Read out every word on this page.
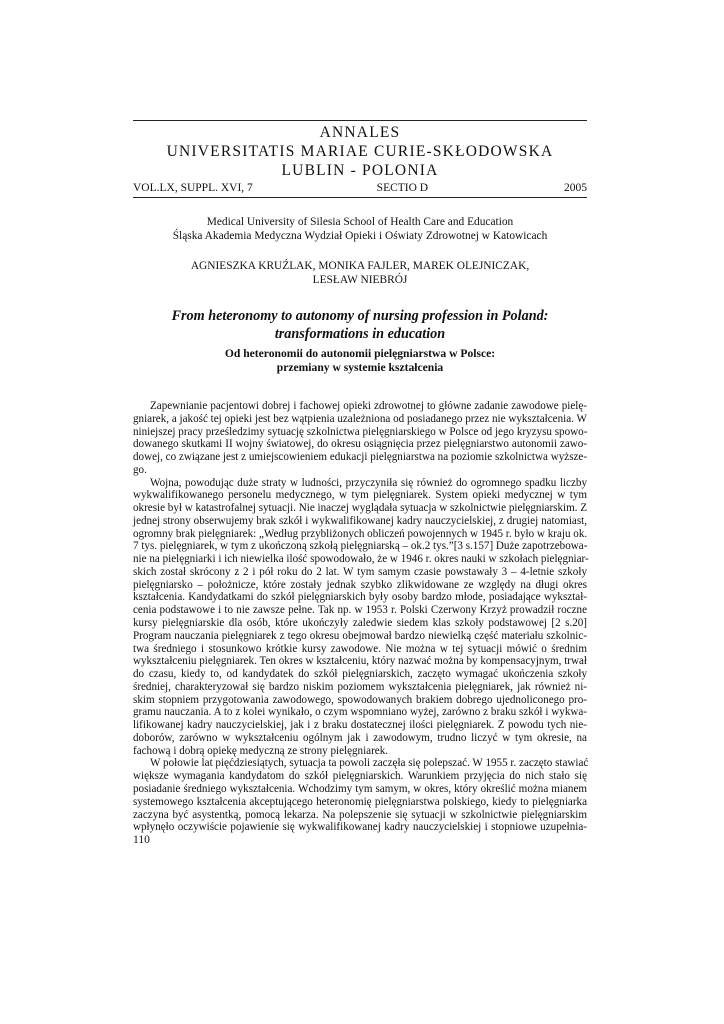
ANNALES
UNIVERSITATIS MARIAE CURIE-SKŁODOWSKA
LUBLIN - POLONIA
VOL.LX, SUPPL. XVI, 7	SECTIO D	2005
Medical University of Silesia School of Health Care and Education
Śląska Akademia Medyczna Wydział Opieki i Oświaty Zdrowotnej w Katowicach
AGNIESZKA KRUŹLAK, MONIKA FAJLER, MAREK OLEJNICZAK,
LESŁAW NIEBRÓJ
From heteronomy to autonomy of nursing profession in Poland:
transformations in education
Od heteronomii do autonomii pielęgniarstwa w Polsce:
przemiany w systemie kształcenia
Zapewnianie pacjentowi dobrej i fachowej opieki zdrowotnej to główne zadanie zawodowe pielę-
gniarek, a jakość tej opieki jest bez wątpienia uzależniona od posiadanego przez nie wykształcenia. W
niniejszej pracy prześledzimy sytuację szkolnictwa pielęgniarskiego w Polsce od jego kryzysu spowo-
dowanego skutkami II wojny światowej, do okresu osiągnięcia przez pielęgniarstwo autonomii zawo-
dowej, co związane jest z umiejscowieniem edukacji pielęgniarstwa na poziomie szkolnictwa wyższe-
go.
Wojna, powodując duże straty w ludności, przyczyniła się również do ogromnego spadku liczby
wykwalifikowanego personelu medycznego, w tym pielęgniarek. System opieki medycznej w tym
okresie był w katastrofalnej sytuacji. Nie inaczej wyglądała sytuacja w szkolnictwie pielęgniarskim. Z
jednej strony obserwujemy brak szkół i wykwalifikowanej kadry nauczycielskiej, z drugiej natomiast,
ogromny brak pielęgniarek: „Według przybliżonych obliczeń powojennych w 1945 r. było w kraju ok.
7 tys. pielęgniarek, w tym z ukończoną szkołą pielęgniarską – ok.2 tys.”[3 s.157] Duże zapotrzebowa-
nie na pielęgniarki i ich niewielka ilość spowodowało, że w 1946 r. okres nauki w szkołach pielęgniar-
skich został skrócony z 2 i pół roku do 2 lat. W tym samym czasie powstawały 3 – 4-letnie szkoły
pielęgniarsko – położnicze, które zostały jednak szybko zlikwidowane ze względy na długi okres
kształcenia. Kandydatkami do szkół pielęgniarskich były osoby bardzo młode, posiadające wykształ-
cenia podstawowe i to nie zawsze pełne. Tak np. w 1953 r. Polski Czerwony Krzyż prowadził roczne
kursy pielęgniarskie dla osób, które ukończyły zaledwie siedem klas szkoły podstawowej [2 s.20]
Program nauczania pielęgniarek z tego okresu obejmował bardzo niewielką część materiału szkolnic-
twa średniego i stosunkowo krótkie kursy zawodowe. Nie można w tej sytuacji mówić o średnim
wykształceniu pielęgniarek. Ten okres w kształceniu, który nazwać można by kompensacyjnym, trwał
do czasu, kiedy to, od kandydatek do szkół pielęgniarskich, zaczęto wymagać ukończenia szkoły
średniej, charakteryzował się bardzo niskim poziomem wykształcenia pielęgniarek, jak również ni-
skim stopniem przygotowania zawodowego, spowodowanych brakiem dobrego ujednoliconego pro-
gramu nauczania. A to z kolei wynikało, o czym wspomniano wyżej, zarówno z braku szkół i wykwa-
lifikowanej kadry nauczycielskiej, jak i z braku dostatecznej ilości pielęgniarek. Z powodu tych nie-
doborów, zarówno w wykształceniu ogólnym jak i zawodowym, trudno liczyć w tym okresie, na
fachową i dobrą opiekę medyczną ze strony pielęgniarek.
W połowie lat pięćdziesiątych, sytuacja ta powoli zaczęła się polepszać. W 1955 r. zaczęto stawiać
większe wymagania kandydatom do szkół pielęgniarskich. Warunkiem przyjęcia do nich stało się
posiadanie średniego wykształcenia. Wchodzimy tym samym, w okres, który określić można mianem
systemowego kształcenia akceptującego heteronomię pielęgniarstwa polskiego, kiedy to pielęgniarka
zaczyna być asystentką, pomocą lekarza. Na polepszenie się sytuacji w szkolnictwie pielęgniarskim
wpłynęło oczywiście pojawienie się wykwalifikowanej kadry nauczycielskiej i stopniowe uzupełnia-
110
